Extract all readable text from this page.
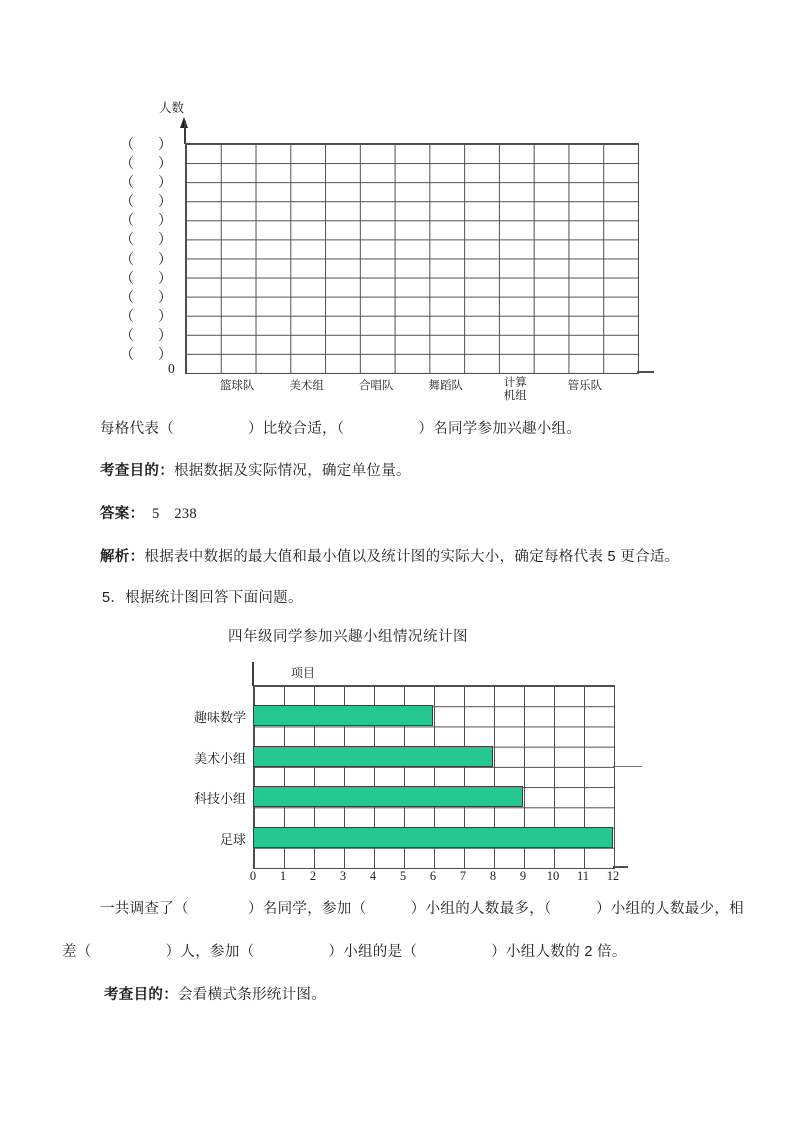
人数
（ ）
（ ）
（ ）
（ ）
（ ）
（ ）
（ ）
（ ）
（ ）
（ ）
（ ）
（ ）
0
篮球队	美术组	合唱队	舞蹈队	计算机组
管乐队
每格代表（　　　　　）比较合适，（　　　　　）名同学参加兴趣小组。
考查目的：根据数据及实际情况，确定单位量。
答案：　 5　238
解析：根据表中数据的最大值和最小值以及统计图的实际大小，确定每格代表 5 更合适。
5．根据统计图回答下面问题。
四年级同学参加兴趣小组情况统计图
项目
趣味数学
美术小组
科技小组
足球
0 1 2 3 4 5 6 7 8 9 10 11 12
一共调查了（　　　　）名同学，参加（　　　）小组的人数最多，（　　　）小组的人数最少，相
差（　　　　　）人，参加（　　　　　）小组的是（　　　　　）小组人数的 2 倍。
考查目的：会看横式条形统计图。
